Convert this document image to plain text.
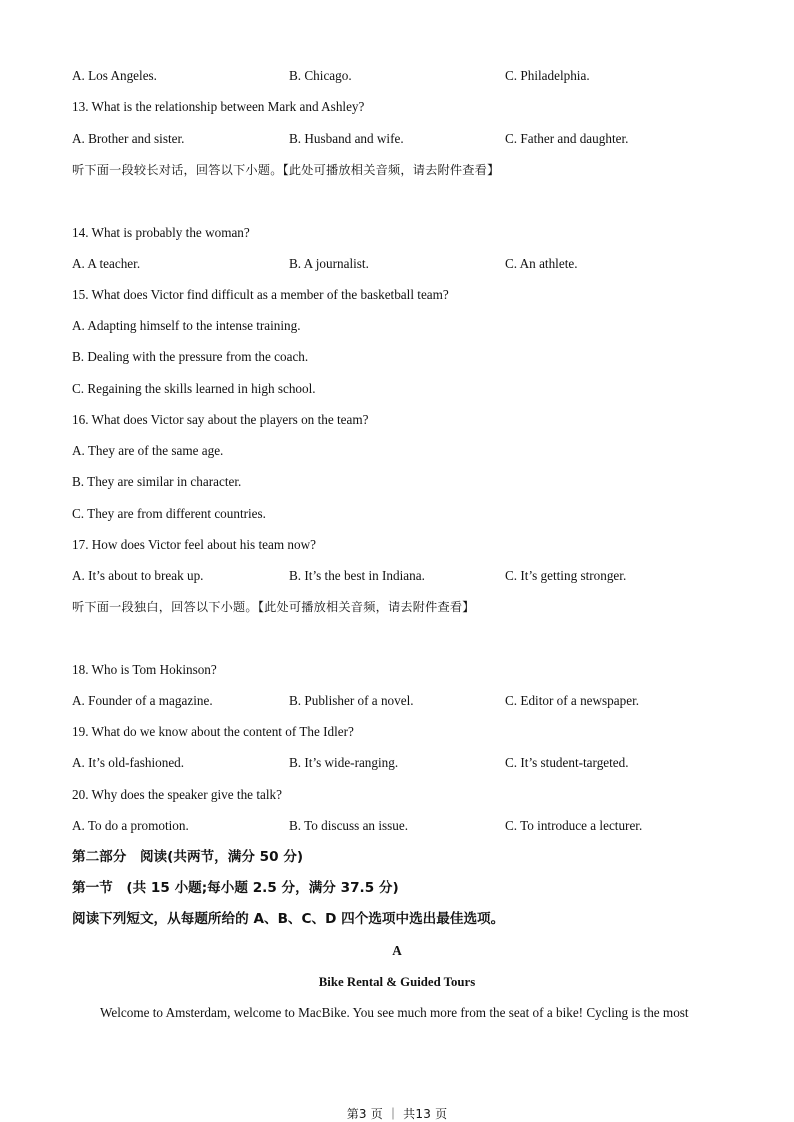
A. Los Angeles.	B. Chicago.	C. Philadelphia.
13. What is the relationship between Mark and Ashley?
A. Brother and sister.	B. Husband and wife.	C. Father and daughter.
听下面一段较长对话，回答以下小题。【此处可播放相关音频，请去附件查看】
14. What is probably the woman?
A. A teacher.	B. A journalist.	C. An athlete.
15. What does Victor find difficult as a member of the basketball team?
A. Adapting himself to the intense training.
B. Dealing with the pressure from the coach.
C. Regaining the skills learned in high school.
16. What does Victor say about the players on the team?
A. They are of the same age.
B. They are similar in character.
C. They are from different countries.
17. How does Victor feel about his team now?
A. It’s about to break up.	B. It’s the best in Indiana.	C. It’s getting stronger.
听下面一段独白，回答以下小题。【此处可播放相关音频，请去附件查看】
18. Who is Tom Hokinson?
A. Founder of a magazine.	B. Publisher of a novel.	C. Editor of a newspaper.
19. What do we know about the content of The Idler?
A. It’s old-fashioned.	B. It’s wide-ranging.	C. It’s student-targeted.
20. Why does the speaker give the talk?
A. To do a promotion.	B. To discuss an issue.	C. To introduce a lecturer.
第二部分　阅读(共两节，满分 50 分)
第一节　(共 15 小题;每小题 2.5 分，满分 37.5 分)
阅读下列短文，从每题所给的 A、B、C、D 四个选项中选出最佳选项。
A
Bike Rental & Guided Tours
Welcome to Amsterdam, welcome to MacBike. You see much more from the seat of a bike! Cycling is the most
第3 页 ｜ 共13 页
